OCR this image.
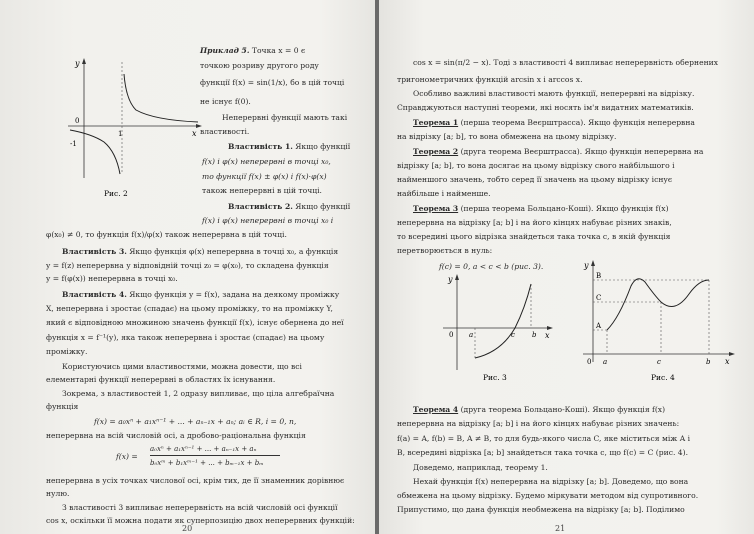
y
x
0
1
-1
Рис. 2
Приклад 5. Точка x = 0 є
точкою розриву другого роду
функції f(x) = sin(1/x), бо в цій точці
не існує f(0).
Неперервні функції мають такі
властивості.
Властивість 1. Якщо функції
f(x) і φ(x) неперервні в точці x₀,
то функції f(x) ± φ(x) і f(x)·φ(x)
також неперервні в цій точці.
Властивість 2. Якщо функції
f(x) і φ(x) неперервні в точці x₀ і
φ(x₀) ≠ 0, то функція f(x)/φ(x) також неперервна в цій точці.
Властивість 3. Якщо функція φ(x) неперервна в точці x₀, а функція
y = f(z) неперервна у відповідній точці z₀ = φ(x₀), то складена функція
y = f(φ(x)) неперервна в точці x₀.
Властивість 4. Якщо функція y = f(x), задана на деякому проміжку
X, неперервна і зростає (спадає) на цьому проміжку, то на проміжку Y,
який є відповідною множиною значень функції f(x), існує обернена до неї
функція x = f⁻¹(y), яка також неперервна і зростає (спадає) на цьому
проміжку.
Користуючись цими властивостями, можна довести, що всі
елементарні функції неперервні в областях їх існування.
Зокрема, з властивостей 1, 2 одразу випливає, що ціла алгебраїчна
функція
f(x) = a₀xⁿ + a₁xⁿ⁻¹ + ... + aₙ₋₁x + aₙ; aᵢ ∈ R, i = 0, n,
неперервна на всій числовій осі, а дробово-раціональна функція
f(x) =
a₀xⁿ + a₁xⁿ⁻¹ + ... + aₙ₋₁x + aₙ
b₀xᵐ + b₁xᵐ⁻¹ + ... + bₘ₋₁x + bₘ
неперервна в усіх точках числової осі, крім тих, де її знаменник дорівнює
нулю.
З властивості 3 випливає неперервність на всій числовій осі функції
cos x, оскільки її можна подати як суперпозицію двох неперервних функцій:
20
cos x = sin(π/2 − x). Тоді з властивості 4 випливає неперервність обернених
тригонометричних функцій arcsin x і arccos x.
Особливо важливі властивості мають функції, неперервні на відрізку.
Справджуються наступні теореми, які носять ім'я видатних математиків.
Теорема 1 (перша теорема Веєрштрасса). Якщо функція неперервна
на відрізку [a; b], то вона обмежена на цьому відрізку.
Теорема 2 (друга теорема Веєрштрасса). Якщо функція неперервна на
відрізку [a; b], то вона досягає на цьому відрізку свого найбільшого і
найменшого значень, тобто серед її значень на цьому відрізку існує
найбільше і найменше.
Теорема 3 (перша теорема Больцано-Коші). Якщо функція f(x)
неперервна на відрізку [a; b] і на його кінцях набуває різних знаків,
то всередині цього відрізка знайдеться така точка c, в якій функція
перетворюється в нуль:
f(c) = 0, a < c < b (рис. 3).
y
x
0 a	c b
Рис. 3
y
x
B
C
A
0 a	c	b
Рис. 4
Теорема 4 (друга теорема Больцано-Коші). Якщо функція f(x)
неперервна на відрізку [a; b] і на його кінцях набуває різних значень:
f(a) = A, f(b) = B, A ≠ B, то для будь-якого числа C, яке міститься між A і
B, всередині відрізка [a; b] знайдеться така точка c, що f(c) = C (рис. 4).
Доведемо, наприклад, теорему 1.
Нехай функція f(x) неперервна на відрізку [a; b]. Доведемо, що вона
обмежена на цьому відрізку. Будемо міркувати методом від супротивного.
Припустимо, що дана функція необмежена на відрізку [a; b]. Поділимо
21
